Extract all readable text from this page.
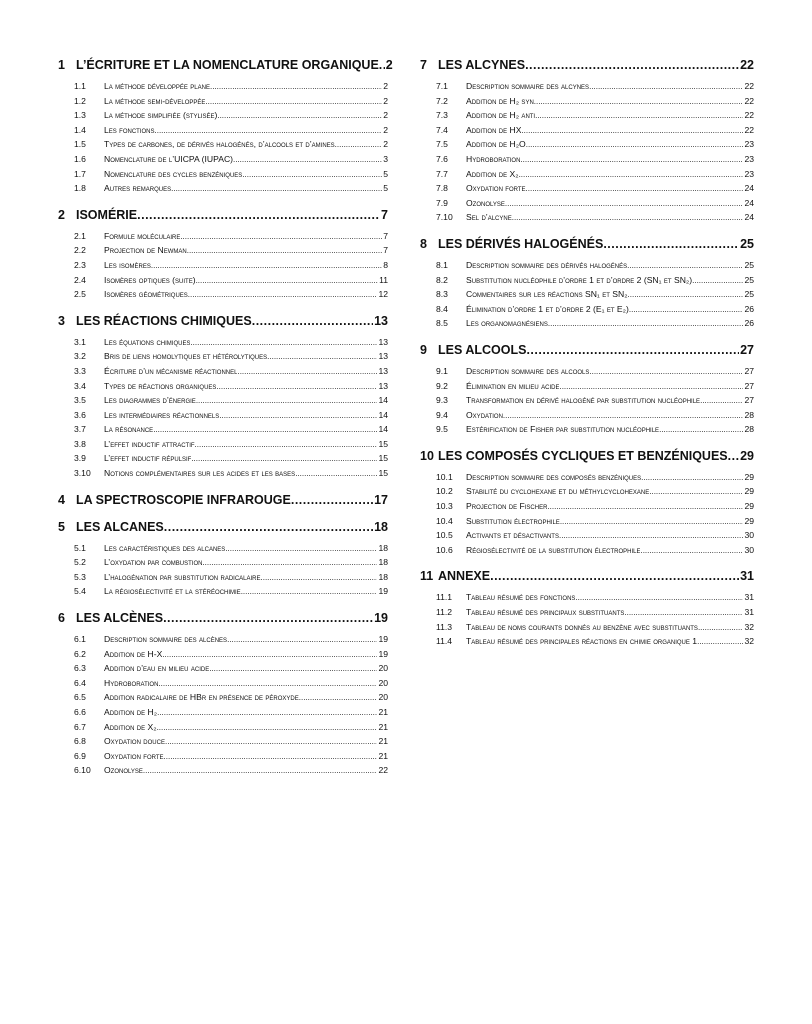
1 L’ÉCRITURE ET LA NOMENCLATURE ORGANIQUE ..... 2
1.1	La méthode développée plane .....	2
1.2	La méthode semi-développée .....	2
1.3	La méthode simplifiée (stylisée) .....	2
1.4	Les fonctions .....	2
1.5	Types de carbones, de dérivés halogénés, d’alcools et d’amines .....	2
1.6	Nomenclature de l’UICPA (IUPAC) .....	3
1.7	Nomenclature des cycles benzéniques .....	5
1.8	Autres remarques .....	5
2 ISOMÉRIE .....	7
2.1	Formule moléculaire .....	7
2.2	Projection de Newman .....	7
2.3	Les isomères .....	8
2.4	Isomères optiques (suite) .....	11
2.5	Isomères géométriques .....	12
3 LES RÉACTIONS CHIMIQUES .....	13
3.1	Les équations chimiques .....	13
3.2	Bris de liens homolytiques et hétérolytiques .....	13
3.3	Écriture d’un mécanisme réactionnel .....	13
3.4	Types de réactions organiques .....	13
3.5	Les diagrammes d’énergie .....	14
3.6	Les intermédiaires réactionnels .....	14
3.7	La résonance .....	14
3.8	L’effet inductif attractif .....	15
3.9	L’effet inductif répulsif .....	15
3.10	Notions complémentaires sur les acides et les bases .....	15
4 LA SPECTROSCOPIE INFRAROUGE .....	17
5 LES ALCANES .....	18
5.1	Les caractéristiques des alcanes .....	18
5.2	L’oxydation par combustion .....	18
5.3	L’halogénation par substitution radicalaire .....	18
5.4	La régiosélectivité et la stéréochimie .....	19
6 LES ALCÈNES .....	19
6.1	Description sommaire des alcènes .....	19
6.2	Addition de H-X .....	19
6.3	Addition d’eau en milieu acide .....	20
6.4	Hydroboration .....	20
6.5	Addition radicalaire de HBr en présence de péroxyde .....	20
6.6	Addition de H₂ .....	21
6.7	Addition de X₂ .....	21
6.8	Oxydation douce .....	21
6.9	Oxydation forte .....	21
6.10	Ozonolyse .....	22
7 LES ALCYNES .....	22
7.1	Description sommaire des alcynes .....	22
7.2	Addition de H₂ syn .....	22
7.3	Addition de H₂ anti .....	22
7.4	Addition de HX .....	22
7.5	Addition de H₂O .....	23
7.6	Hydroboration .....	23
7.7	Addition de X₂ .....	23
7.8	Oxydation forte .....	24
7.9	Ozonolyse .....	24
7.10	Sel d’alcyne .....	24
8 LES DÉRIVÉS HALOGÉNÉS .....	25
8.1	Description sommaire des dérivés halogénés .....	25
8.2	Substitution nucléophile d’ordre 1 et d’ordre 2 (SN₁ et SN₂) .....	25
8.3	Commentaires sur les réactions SN₁ et SN₂ .....	25
8.4	Élimination d’ordre 1 et d’ordre 2 (E₁ et E₂) .....	26
8.5	Les organomagnésiens .....	26
9 LES ALCOOLS .....	27
9.1	Description sommaire des alcools .....	27
9.2	Élimination en milieu acide .....	27
9.3	Transformation en dérivé halogéné par substitution nucléophile .....	27
9.4	Oxydation .....	28
9.5	Estérification de Fisher par substitution nucléophile .....	28
10 LES COMPOSÉS CYCLIQUES ET BENZÉNIQUES ..... 29
10.1	Description sommaire des composés benzéniques .....	29
10.2	Stabilité du cyclohexane et du méthylcyclohexane .....	29
10.3	Projection de Fischer .....	29
10.4	Substitution électrophile .....	29
10.5	Activants et désactivants .....	30
10.6	Régiosélectivité de la substitution électrophile .....	30
11 ANNEXE .....	31
11.1	Tableau résumé des fonctions .....	31
11.2	Tableau résumé des principaux substituants .....	31
11.3	Tableau de noms courants donnés au benzène avec substituants .....	32
11.4	Tableau résumé des principales réactions en chimie organique 1 .....	32
